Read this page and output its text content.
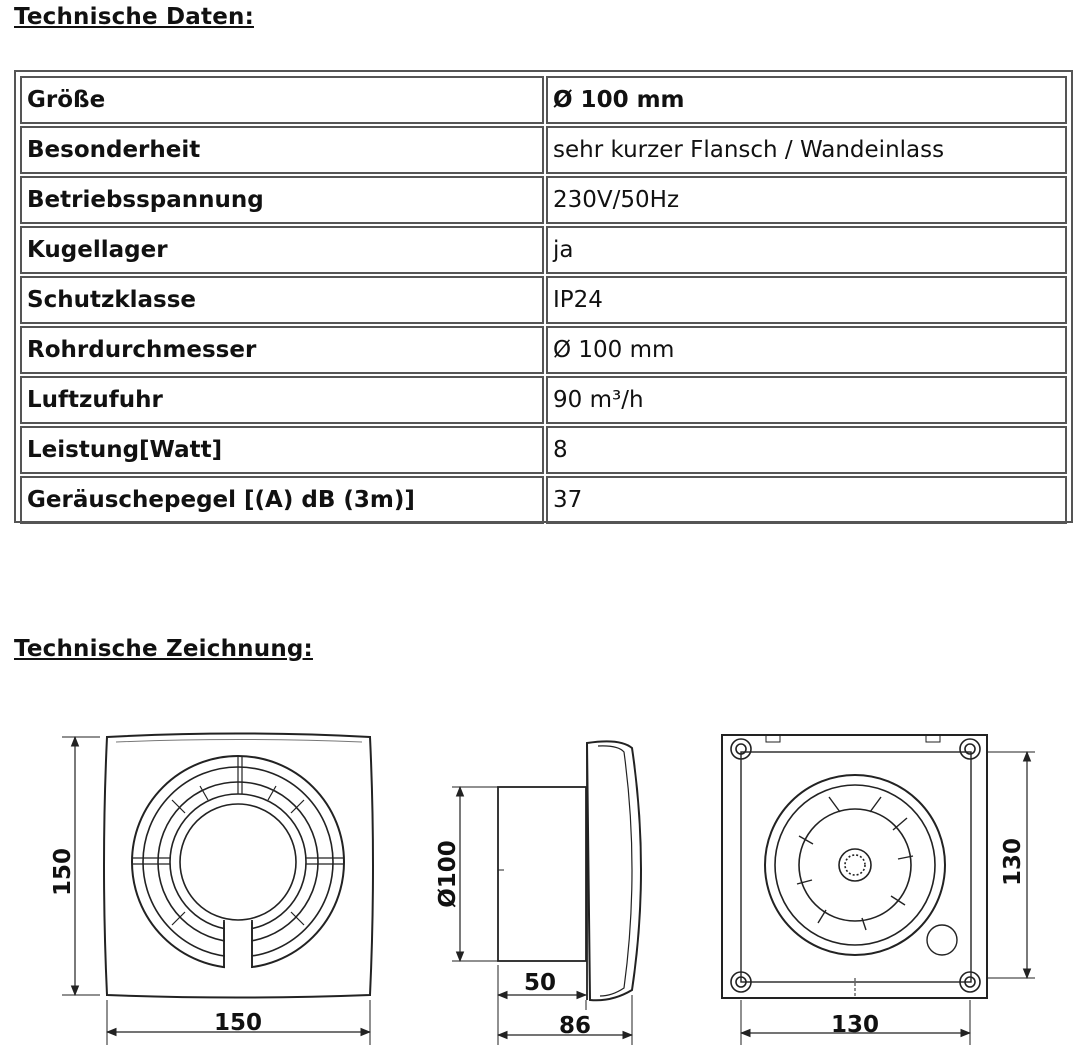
Technische Daten:
Größe	Ø 100 mm
Besonderheit	sehr kurzer Flansch / Wandeinlass
Betriebsspannung	230V/50Hz
Kugellager	ja
Schutzklasse	IP24
Rohrdurchmesser	Ø 100 mm
Luftzufuhr	90 m³/h
Leistung[Watt]	8
Geräuschepegel [(A) dB (3m)]	37
Technische Zeichnung:
150
150
Ø100
50
86
130
130
